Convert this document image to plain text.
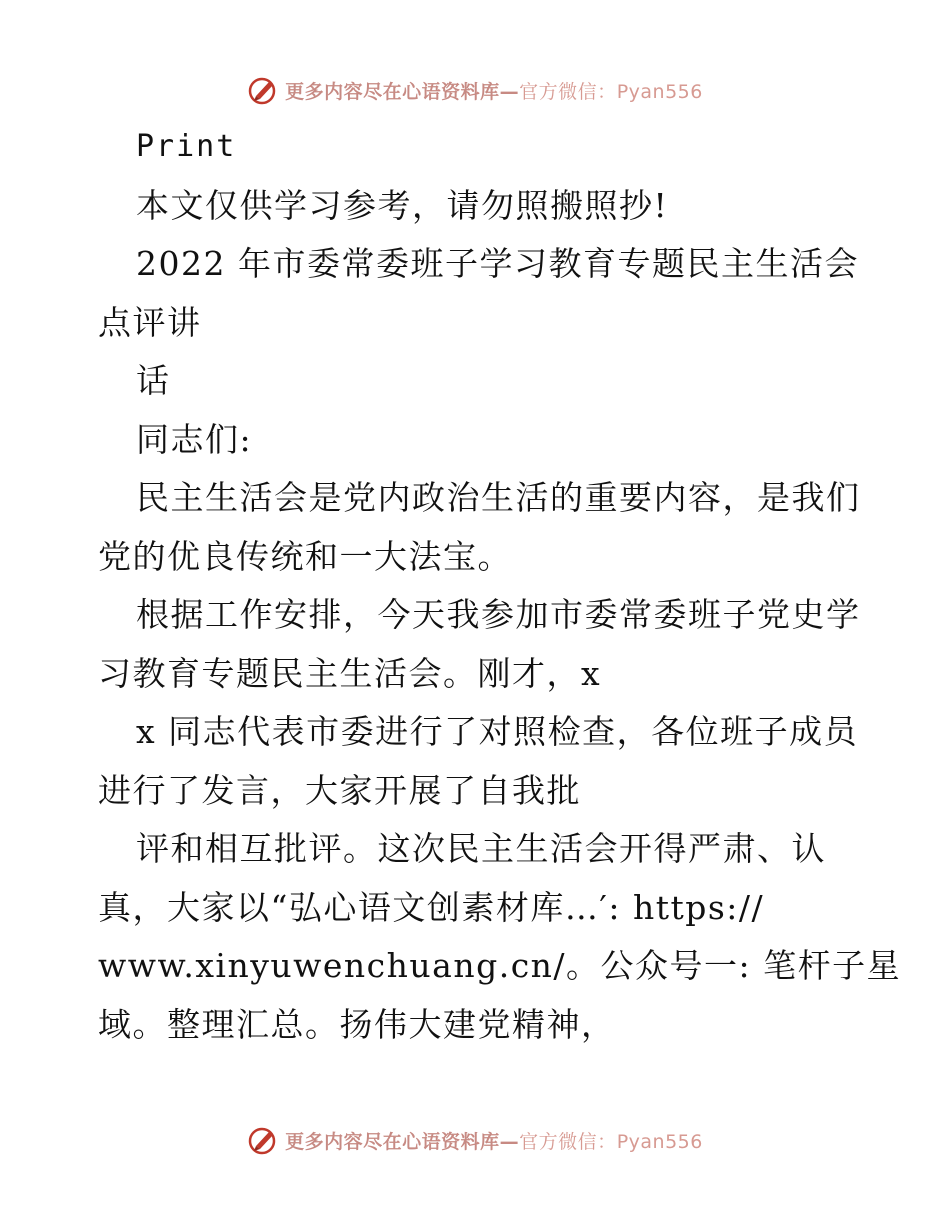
更多内容尽在心语资料库—官方微信：Pyan556
Print
本文仅供学习参考，请勿照搬照抄!
2022 年市委常委班子学习教育专题民主生活会
点评讲
话
同志们:
民主生活会是党内政治生活的重要内容，是我们
党的优良传统和一大法宝。
根据工作安排，今天我参加市委常委班子党史学
习教育专题民主生活会。刚才，x
x 同志代表市委进行了对照检查，各位班子成员
进行了发言，大家开展了自我批
评和相互批评。这次民主生活会开得严肃、认
真，大家以“弘心语文创素材库…′: https://
www.xinyuwenchuang.cn/。公众号一: 笔杆子星
域。整理汇总。扬伟大建党精神，
更多内容尽在心语资料库—官方微信：Pyan556
